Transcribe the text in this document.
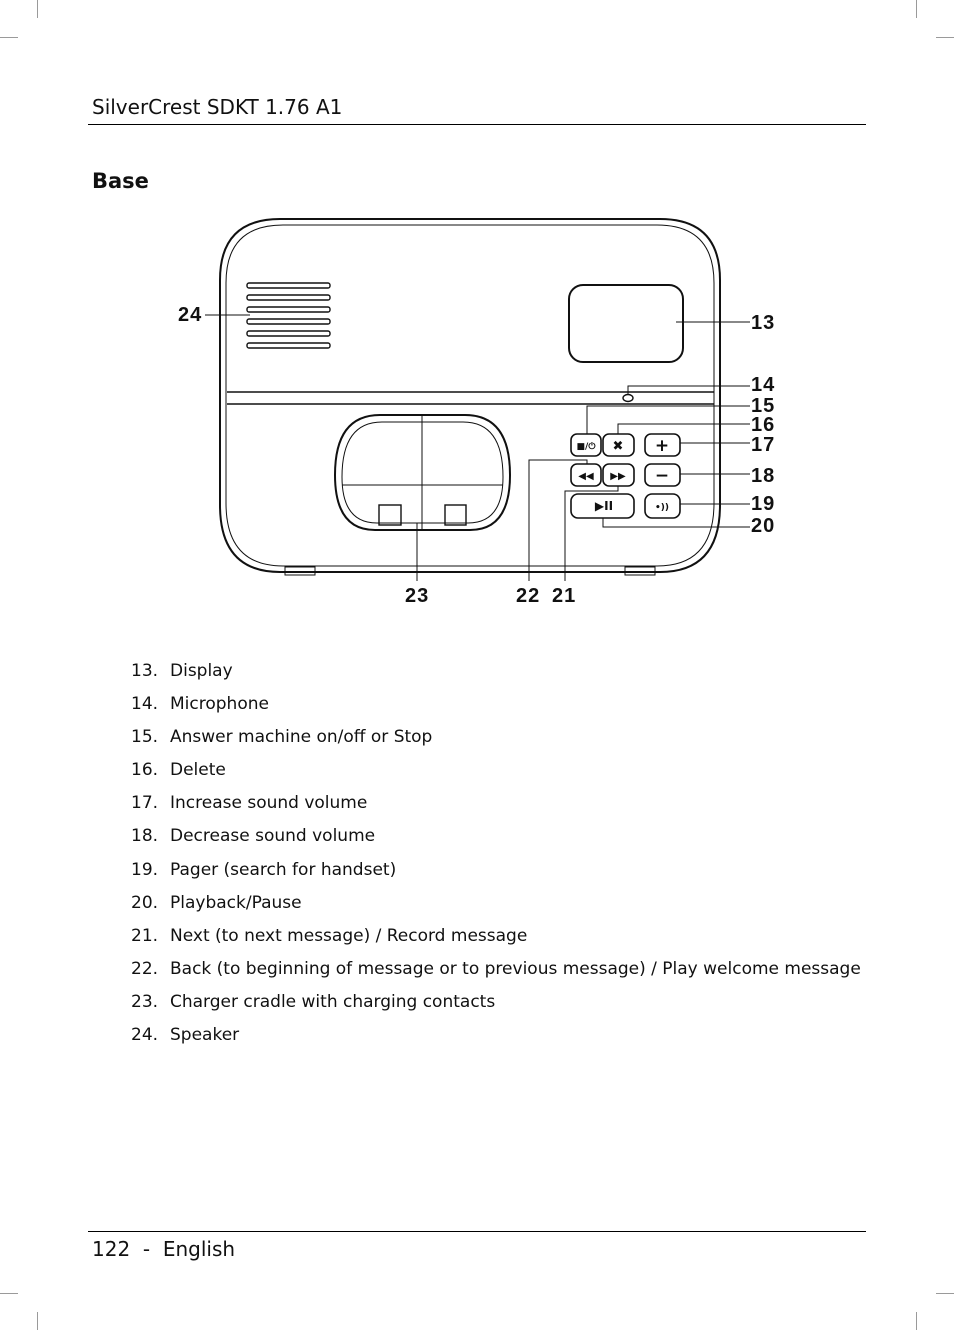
SilverCrest SDKT 1.76 A1
Base
■/⏻ ✖ +
◀◀ ▶▶ −
▶II	•))
24	13
14
15
16
17
18
19
20
23	22 21
13. Display
14. Microphone
15. Answer machine on/off or Stop
16. Delete
17. Increase sound volume
18. Decrease sound volume
19. Pager (search for handset)
20. Playback/Pause
21. Next (to next message) / Record message
22. Back (to beginning of message or to previous message) / Play welcome message
23. Charger cradle with charging contacts
24. Speaker
122 - English
